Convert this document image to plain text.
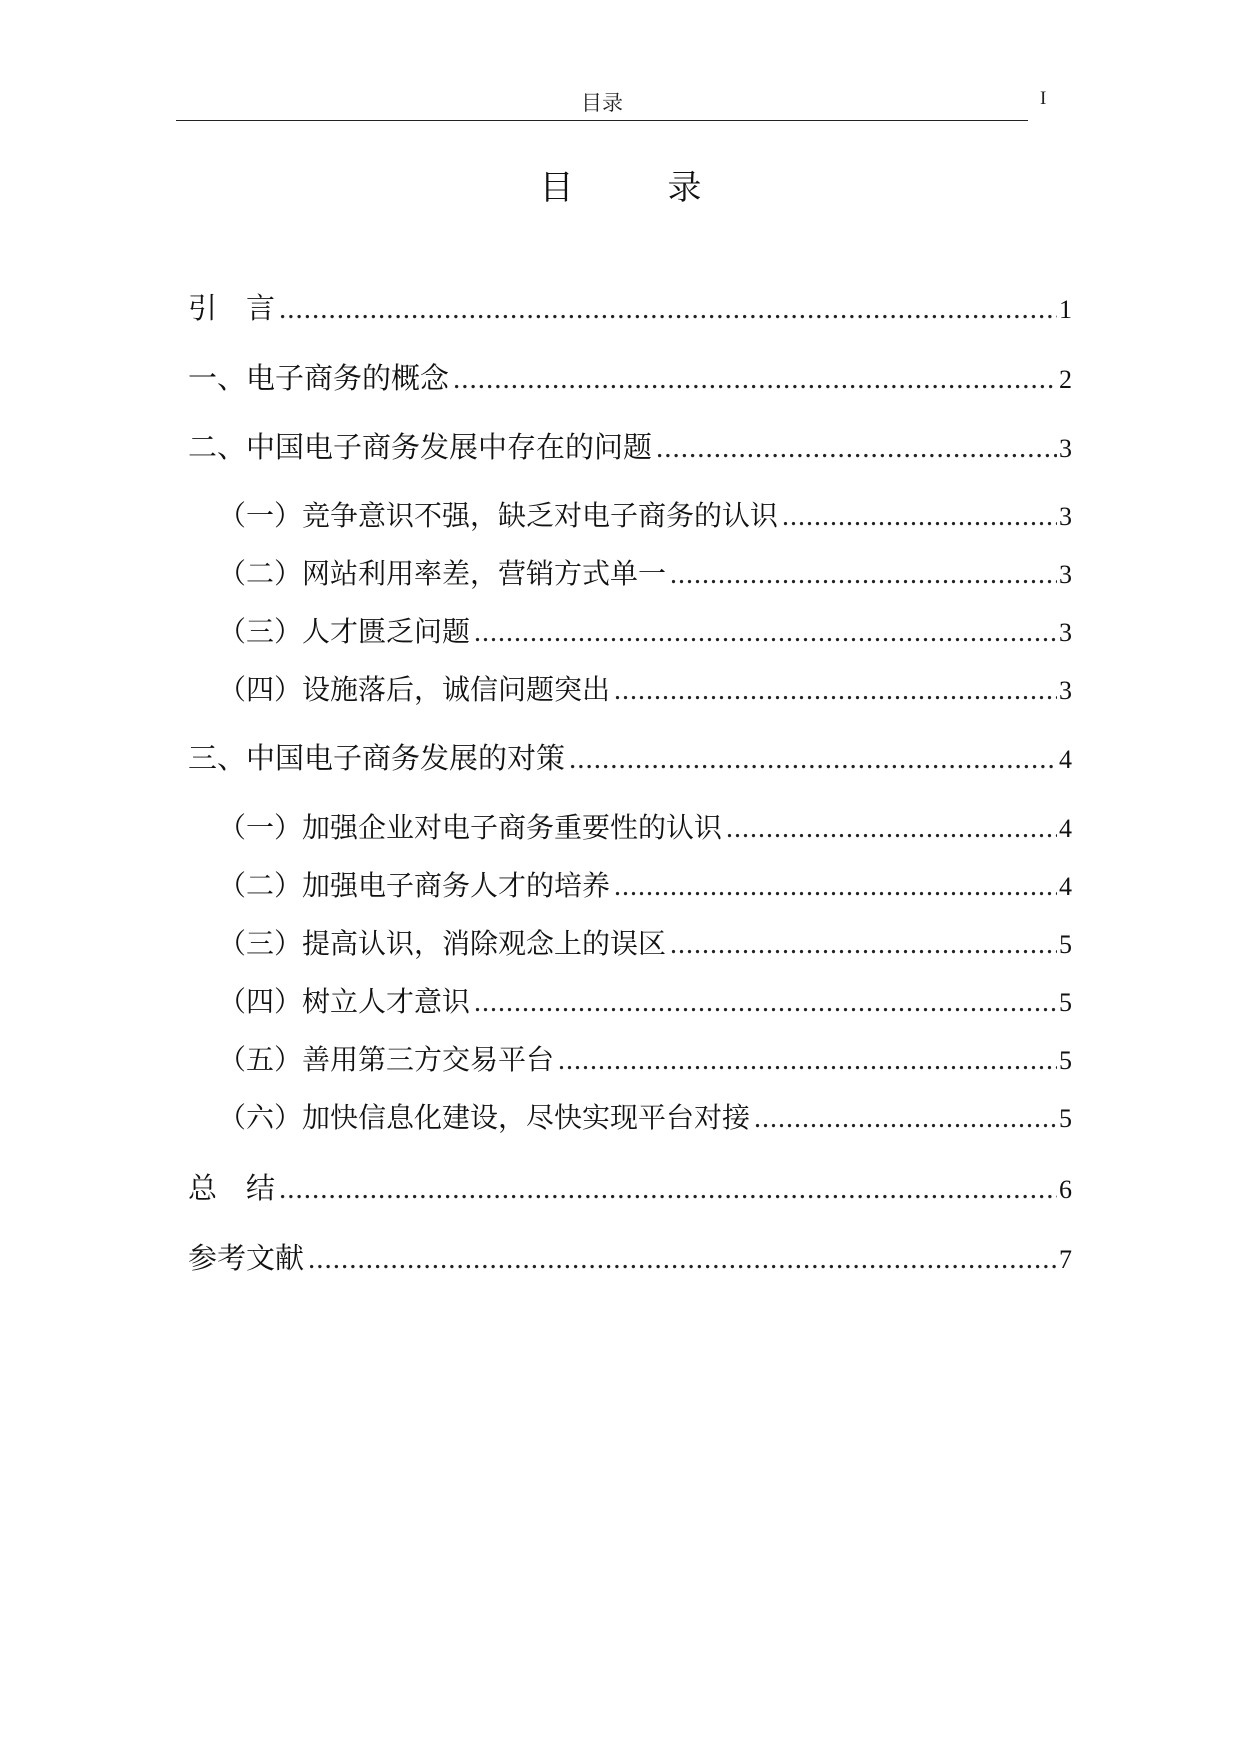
目录	I
目　录
引　言 .....	1
一、电子商务的概念 .....	2
二、中国电子商务发展中存在的问题 .....	3
（一）竞争意识不强，缺乏对电子商务的认识 .....	3
（二）网站利用率差，营销方式单一 .....	3
（三）人才匮乏问题 .....	3
（四）设施落后，诚信问题突出 .....	3
三、中国电子商务发展的对策 .....	4
（一）加强企业对电子商务重要性的认识 .....	4
（二）加强电子商务人才的培养 .....	4
（三）提高认识，消除观念上的误区 .....	5
（四）树立人才意识 .....	5
（五）善用第三方交易平台 .....	5
（六）加快信息化建设，尽快实现平台对接 .....	5
总　结 .....	6
参考文献 .....	7
